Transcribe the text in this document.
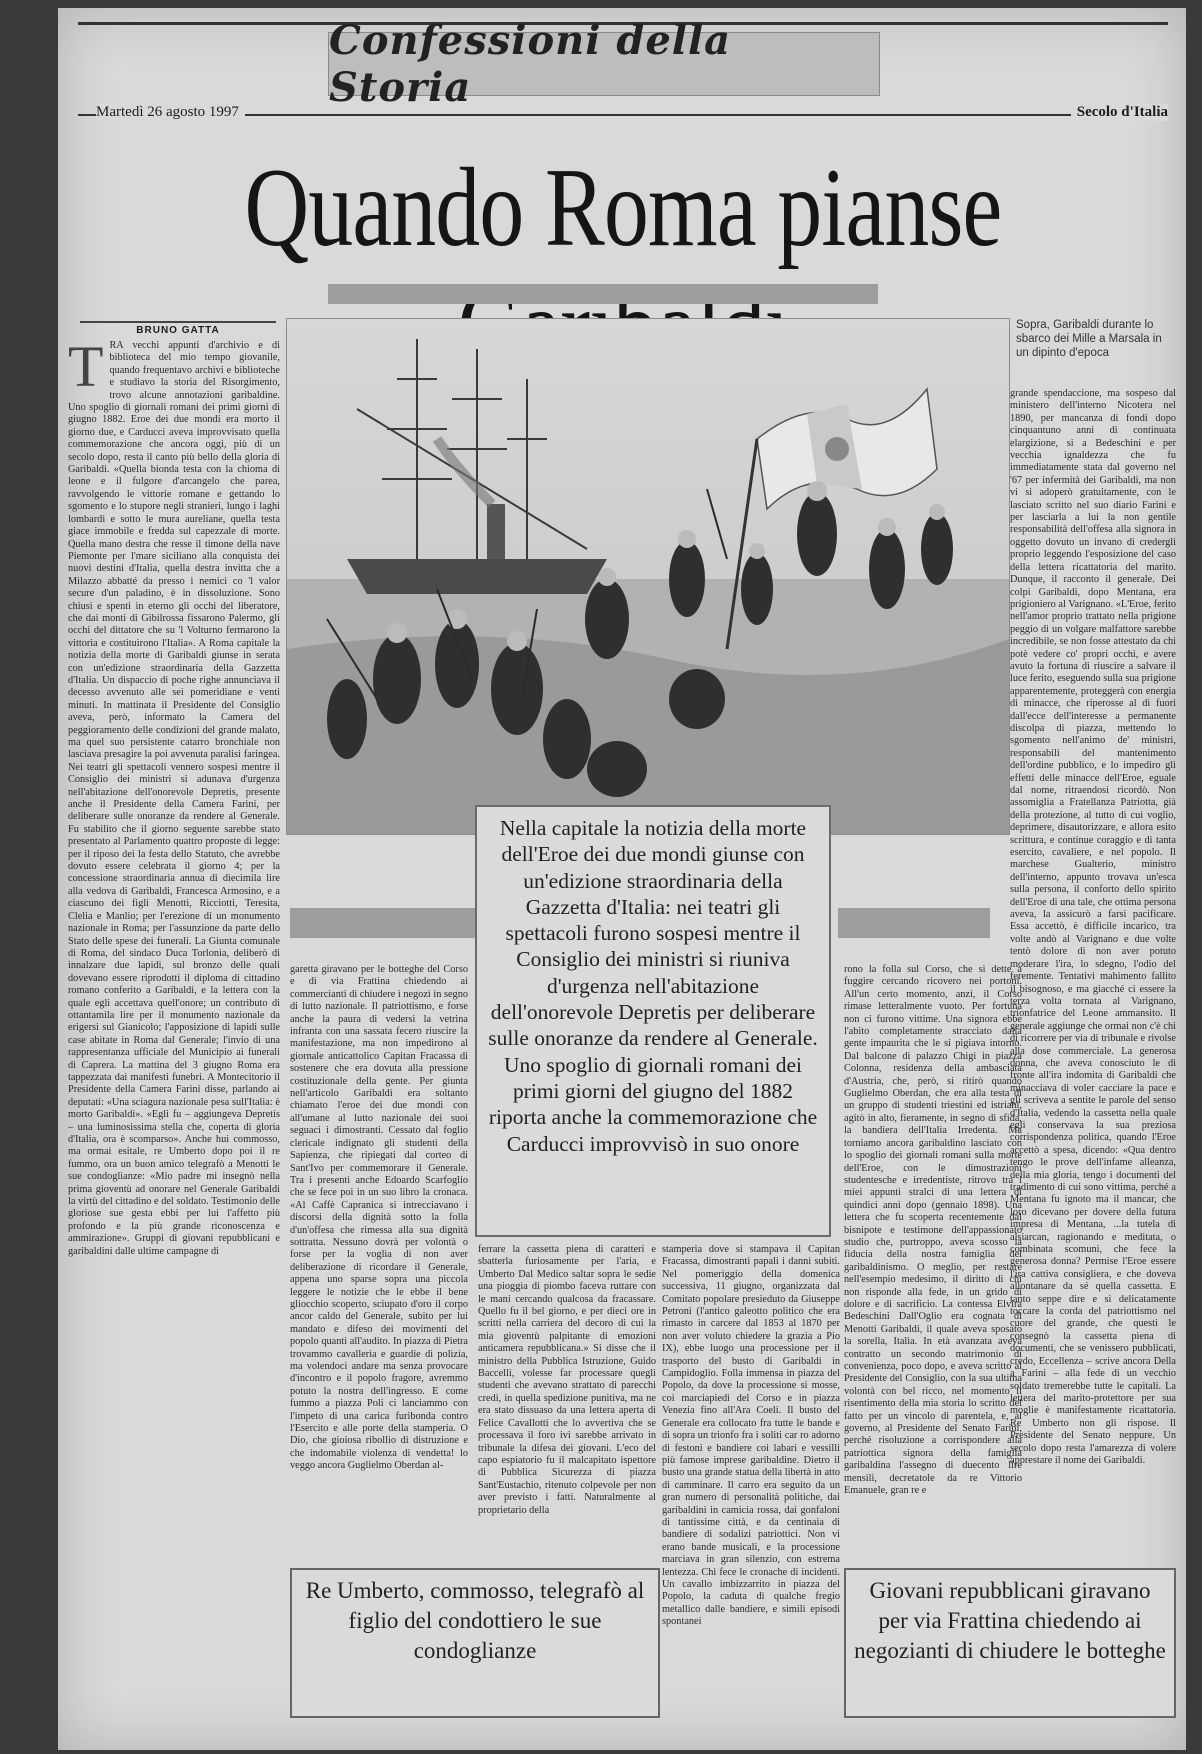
Confessioni della Storia
Martedì 26 agosto 1997	Secolo d'Italia
Quando Roma pianse
BRUNO GATTA
T RA vecchi appunti d'archivio e di biblioteca del mio tempo giovanile, quando frequentavo archivi e biblioteche e studiavo la storia del Risorgimento, trovo alcune annotazioni garibaldine. Uno spoglio di giornali romani dei primi giorni di giugno 1882. Eroe dei due mondi era morto il giorno due, e Carducci aveva improvvisato quella commemorazione che ancora oggi, più di un secolo dopo, resta il canto più bello della gloria di Garibaldi. «Quella bionda testa con la chioma di leone e il fulgore d'arcangelo che parea, ravvolgendo le vittorie romane e gettando lo sgomento e lo stupore negli stranieri, lungo i laghi lombardi e sotto le mura aureliane, quella testa giace immobile e fredda sul capezzale di morte. Quella mano destra che resse il timone della nave Piemonte per l'mare siciliano alla conquista dei nuovi destini d'Italia, quella destra invitta che a Milazzo abbatté da presso i nemici co 'l valor secure d'un paladino, è in dissoluzione. Sono chiusi e spenti in eterno gli occhi del liberatore, che dai monti di Gibilrossa fissarono Palermo, gli occhi del dittatore che su 'l Volturno fermarono la vittoria e costituirono l'Italia». A Roma capitale la notizia della morte di Garibaldi giunse in serata con un'edizione straordinaria della Gazzetta d'Italia. Un dispaccio di poche righe annunciava il decesso avvenuto alle sei pomeridiane e venti minuti. In mattinata il Presidente del Consiglio aveva, però, informato la Camera del peggioramento delle condizioni del grande malato, ma quel suo persistente catarro bronchiale non lasciava presagire la poi avvenuta paralisi faringea. Nei teatri gli spettacoli vennero sospesi mentre il Consiglio dei ministri si adunava d'urgenza nell'abitazione dell'onorevole Depretis, presente anche il Presidente della Camera Farini, per deliberare sulle onoranze da rendere al Generale. Fu stabilito che il giorno seguente sarebbe stato presentato al Parlamento quattro proposte di legge: per il riposo dei la festa dello Statuto, che avrebbe dovuto essere celebrata il giorno 4; per la concessione straordinaria annua di diecimila lire alla vedova di Garibaldi, Francesca Armosino, e a ciascuno dei figli Menotti, Ricciotti, Teresita, Clelia e Manlio; per l'erezione di un monumento nazionale in Roma; per l'assunzione da parte dello Stato delle spese dei funerali. La Giunta comunale di Roma, del sindaco Duca Torlonia, deliberò di innalzare due lapidi, sul bronzo delle quali dovevano essere riprodotti il diploma di cittadino romano conferito a Garibaldi, e la lettera con la quale egli accettava quell'onore; un contributo di ottantamila lire per il monumento nazionale da erigersi sul Gianicolo; l'apposizione di lapidi sulle case abitate in Roma dal Generale; l'invio di una rappresentanza ufficiale del Municipio ai funerali di Caprera. La mattina del 3 giugno Roma era tappezzata dai manifesti funebri. A Montecitorio il Presidente della Camera Farini disse, parlando ai deputati: «Una sciagura nazionale pesa sull'Italia: è morto Garibaldi». «Egli fu – aggiungeva Depretis – una luminosissima stella che, coperta di gloria d'Italia, ora è scomparso». Anche hui commosso, ma ormai esitale, re Umberto dopo poi il re fummo, ora un buon amico telegrafò a Menotti le sue condoglianze: «Mio padre mi insegnò nella prima gioventù ad onorare nel Generale Garibaldi la virtù del cittadino e del soldato. Testimonio delle gloriose sue gesta ebbi per lui l'affetto più profondo e la più grande riconoscenza e ammirazione». Gruppi di giovani repubblicani e garibaldini dalle ultime campagne di
Sopra, Garibaldi durante lo sbarco dei Mille a Marsala in un dipinto d'epoca
garetta giravano per le botteghe del Corso e di via Frattina chiedendo ai commercianti di chiudere i negozi in segno di lutto nazionale. Il patriottismo, e forse anche la paura di vedersi la vetrina infranta con una sassata fecero riuscire la manifestazione, ma non impedirono al giornale anticattolico Capitan Fracassa di sostenere che era dovuta alla pressione costituzionale della gente. Per giunta nell'articolo Garibaldi era soltanto chiamato l'eroe dei due mondi con all'umane al lutto nazionale dei suoi seguaci i dimostranti. Cessato dal foglio clericale indignato gli studenti della Sapienza, che ripiegati dal corteo di Sant'Ivo per commemorare il Generale. Tra i presenti anche Edoardo Scarfoglio che se fece poi in un suo libro la cronaca. «Al Caffè Capranica si intrecciavano i discorsi della dignità sotto la folla d'un'offesa che rimessa alla sua dignità sottratta. Nessuno dovrà per volontà o forse per la voglia di non aver deliberazione di ricordare il Generale, appena uno sparse sopra una piccola leggere le notizie che le ebbe il bene gliocchio scoperto, sciupato d'oro il corpo ancor caldo del Generale, subito per lui mandato e difeso dei movimenti del popolo quanti all'audito. In piazza di Pietra trovammo cavalleria e guardie di polizia, ma volendoci andare ma senza provocare d'incontro e il popolo fragore, avremmo potuto la nostra dell'ingresso. E come fummo a piazza Poli ci lanciammo con l'impeto di una carica furibonda contro l'Esercito e alle porte della stamperia. O Dio, che gioiosa ribollio di distruzione e che indomabile violenza di vendetta! lo veggo ancora Guglielmo Oberdan al-
ferrare la cassetta piena di caratteri e sbatterla furiosamente per l'aria, e Umberto Dal Medico saltar sopra le sedie una pioggia di piombo faceva ruttare con le mani cercando qualcosa da fracassare. Quello fu il bel giorno, e per dieci ore in scritti nella carriera del decoro di cui la mia gioventù palpitante di emozioni anticamera repubblicana.» Si disse che il ministro della Pubblica Istruzione, Guido Baccelli, volesse far processare quegli studenti che avevano strattato di parecchi credi, in quella spedizione punitiva, ma ne era stato dissuaso da una lettera aperta di Felice Cavallotti che lo avvertiva che se processava il foro ivi sarebbe arrivato in tribunale la difesa dei giovani. L'eco del capo espiatorio fu il malcapitato ispettore di Pubblica Sicurezza di piazza Sant'Eustachio, ritenuto colpevole per non aver previsto i fatti. Naturalmente al proprietario della
stamperia dove si stampava il Capitan Fracassa, dimostranti papali i danni subiti. Nel pomeriggio della domenica successiva, 11 giugno, organizzata dal Comitato popolare presieduto da Giuseppe Petroni (l'antico galeotto politico che era rimasto in carcere dal 1853 al 1870 per non aver voluto chiedere la grazia a Pio IX), ebbe luogo una processione per il trasporto del busto di Garibaldi in Campidoglio. Folla immensa in piazza del Popolo, da dove la processione si mosse, coi marciapiedi del Corso e in piazza Venezia fino all'Ara Coeli. Il busto del Generale era collocato fra tutte le bande e di sopra un trionfo fra i soliti car ro adorno di festoni e bandiere coi labari e vessilli più famose imprese garibaldine. Dietro il busto una grande statua della libertà in atto di camminare. Il carro era seguito da un gran numero di personalità politiche, dai garibaldini in camicia rossa, dai gonfaloni di tantissime città, e da centinaia di bandiere di sodalizi patriottici. Non vi erano bande musicali, e la processione marciava in gran silenzio, con estrema lentezza. Chi fece le cronache di incidenti. Un cavallo imbizzarrito in piazza del Popolo, la caduta di qualche fregio metallico dalle bandiere, e simili episodi spontanei
rono la folla sul Corso, che si dette a fuggire cercando ricovero nei portoni. All'un certo momento, anzi, il Corso rimase letteralmente vuoto. Per fortuna non ci furono vittime. Una signora ebbe l'abito completamente stracciato dalla gente impaurita che le si pigiava intorno. Dal balcone di palazzo Chigi in piazza Colonna, residenza della ambasciata d'Austria, che, però, si ritirò quando Guglielmo Oberdan, che era alla testa di un gruppo di studenti triestini ed istriani, agitò in alto, fieramente, in segno di sfida, la bandiera dell'Italia Irredenta. Ma torniamo ancora garibaldino lasciato con lo spoglio dei giornali romani sulla morte dell'Eroe, con le dimostrazioni studentesche e irredentiste, ritrovo tra i miei appunti stralci di una lettera di quindici anni dopo (gennaio 1898). Una lettera che fu scoperta recentemente dal bisnipote e testimone dell'appassionato studio che, purtroppo, aveva scosso la fiducia della nostra famiglia del garibaldinismo. O meglio, per restare nell'esempio medesimo, il diritto di chi non risponde alla fede, in un grido di dolore e di sacrificio. La contessa Elvira Bedeschini Dall'Oglio era cognata di Menotti Garibaldi, il quale aveva sposato la sorella, Italia. In età avanzata aveva contratto un secondo matrimonio di convenienza, poco dopo, e aveva scritto al Presidente del Consiglio, con la sua ultima volontà con bel ricco, nel momento il risentimento della mia storia lo scritto del fatto per un vincolo di parentela, e, al governo, al Presidente del Senato Farini, perché risoluzione a corrispondere alla patriottica signora della famiglia garibaldina l'assegno di duecento lire mensili, decretatole da re Vittorio Emanuele, gran re e
grande spendaccione, ma sospeso dal ministero dell'interno Nicotera nel 1890, per mancanza di fondi dopo cinquantuno anni di continuata elargizione, si a Bedeschini e per vecchia ignaldezza che fu immediatamente stata dal governo nel '67 per infermità dei Garibaldi, ma non vi si adoperò gratuitamente, con le lasciato scritto nel suo diario Farini e per lasciarla a lui la non gentile responsabilità dell'offesa alla signora in oggetto dovuto un invano di credergli proprio leggendo l'esposizione del caso della lettera ricattatoria del marito. Dunque, il racconto il generale. Dei colpi Garibaldi, dopo Mentana, era prigioniero al Varignano. «L'Eroe, ferito nell'amor proprio trattato nella prigione peggio di un volgare malfattore sarebbe incredibile, se non fosse attestato da chi potè vedere co' propri occhi, e avere avuto la fortuna di riuscire a salvare il luce ferito, eseguendo sulla sua prigione apparentemente, proteggerà con energia di minacce, che riperosse al di fuori dall'ecce dell'interesse a permanente discolpa di piazza, mettendo lo sgomento nell'animo de' ministri, responsabili del mantenimento dell'ordine pubblico, e lo impediro gli effetti delle minacce dell'Eroe, eguale dal nome, ritraendosi ricordò. Non assomiglia a Fratellanza Patriotta, già della protezione, al tutto di cui voglio, deprimere, disautorizzare, e allora esito scrittura, e continue coraggio e di tanta esercito, cavaliere, e nel popolo. Il marchese Gualterio, ministro dell'interno, appunto trovava un'esca sulla persona, il conforto dello spirito dell'Eroe di una tale, che ottima persona aveva, la assicurò a farsi pacificare. Essa accettò, è difficile incarico, tra volte andò al Varignano e due volte tentò dolore di non aver potuto moderare l'ira, lo sdegno, l'odio del feremente. Tentativi mahimento fallito il bisognoso, e ma giacché ci essere la terza volta tornata al Varignano, trionfatrice del Leone ammansito. Il generale aggiunge che ormai non c'è chi di ricorrere per via di tribunale e rivolse alla dose commerciale. La generosa donna, che aveva conosciuto le di fronte all'ira indomita di Garibaldi che minacciava di voler cacciare la pace e gli scriveva a sentite le parole del senso d'Italia, vedendo la cassetta nella quale egli conservava la sua preziosa corrispondenza politica, quando l'Eroe accettò a spesa, dicendo: «Qua dentro tengo le prove dell'infame alleanza, della mia gloria, tengo i documenti del tradimento di cui sono vittima, perché a Mentana fu ignoto ma il mancar, che loro dicevano per dovere della futura impresa di Mentana, ...la tutela di alsiarcan, ragionando e meditata, o combinata scomuni, che fece la generosa donna? Permise l'Eroe essere l'ira cattiva consigliera, e che doveva allontanare da sé quella cassetta. E tanto seppe dire e sì delicatamente toccare la corda del patriottismo nel cuore del grande, che questi le consegnò la cassetta piena di documenti, che se venissero pubblicati, credo, Eccellenza – scrive ancora Della a Farini – alla fede di un vecchio soldato tremerebbe tutte le capitali. La lettera del marito-protettore per sua moglie è manifestamente ricattatoria. Re Umberto non gli rispose. Il Presidente del Senato neppure. Un secolo dopo resta l'amarezza di volere apprestare il nome dei Garibaldi.
Nella capitale la notizia della morte dell'Eroe dei due mondi giunse con un'edizione straordinaria della Gazzetta d'Italia: nei teatri gli spettacoli furono sospesi mentre il Consiglio dei ministri si riuniva d'urgenza nell'abitazione dell'onorevole Depretis per deliberare sulle onoranze da rendere al Generale. Uno spoglio di giornali romani dei primi giorni del giugno del 1882 riporta anche la commemorazione che Carducci improvvisò in suo onore
Re Umberto, commosso, telegrafò al figlio del condottiero le sue condoglianze
Giovani repubblicani giravano per via Frattina chiedendo ai negozianti di chiudere le botteghe
